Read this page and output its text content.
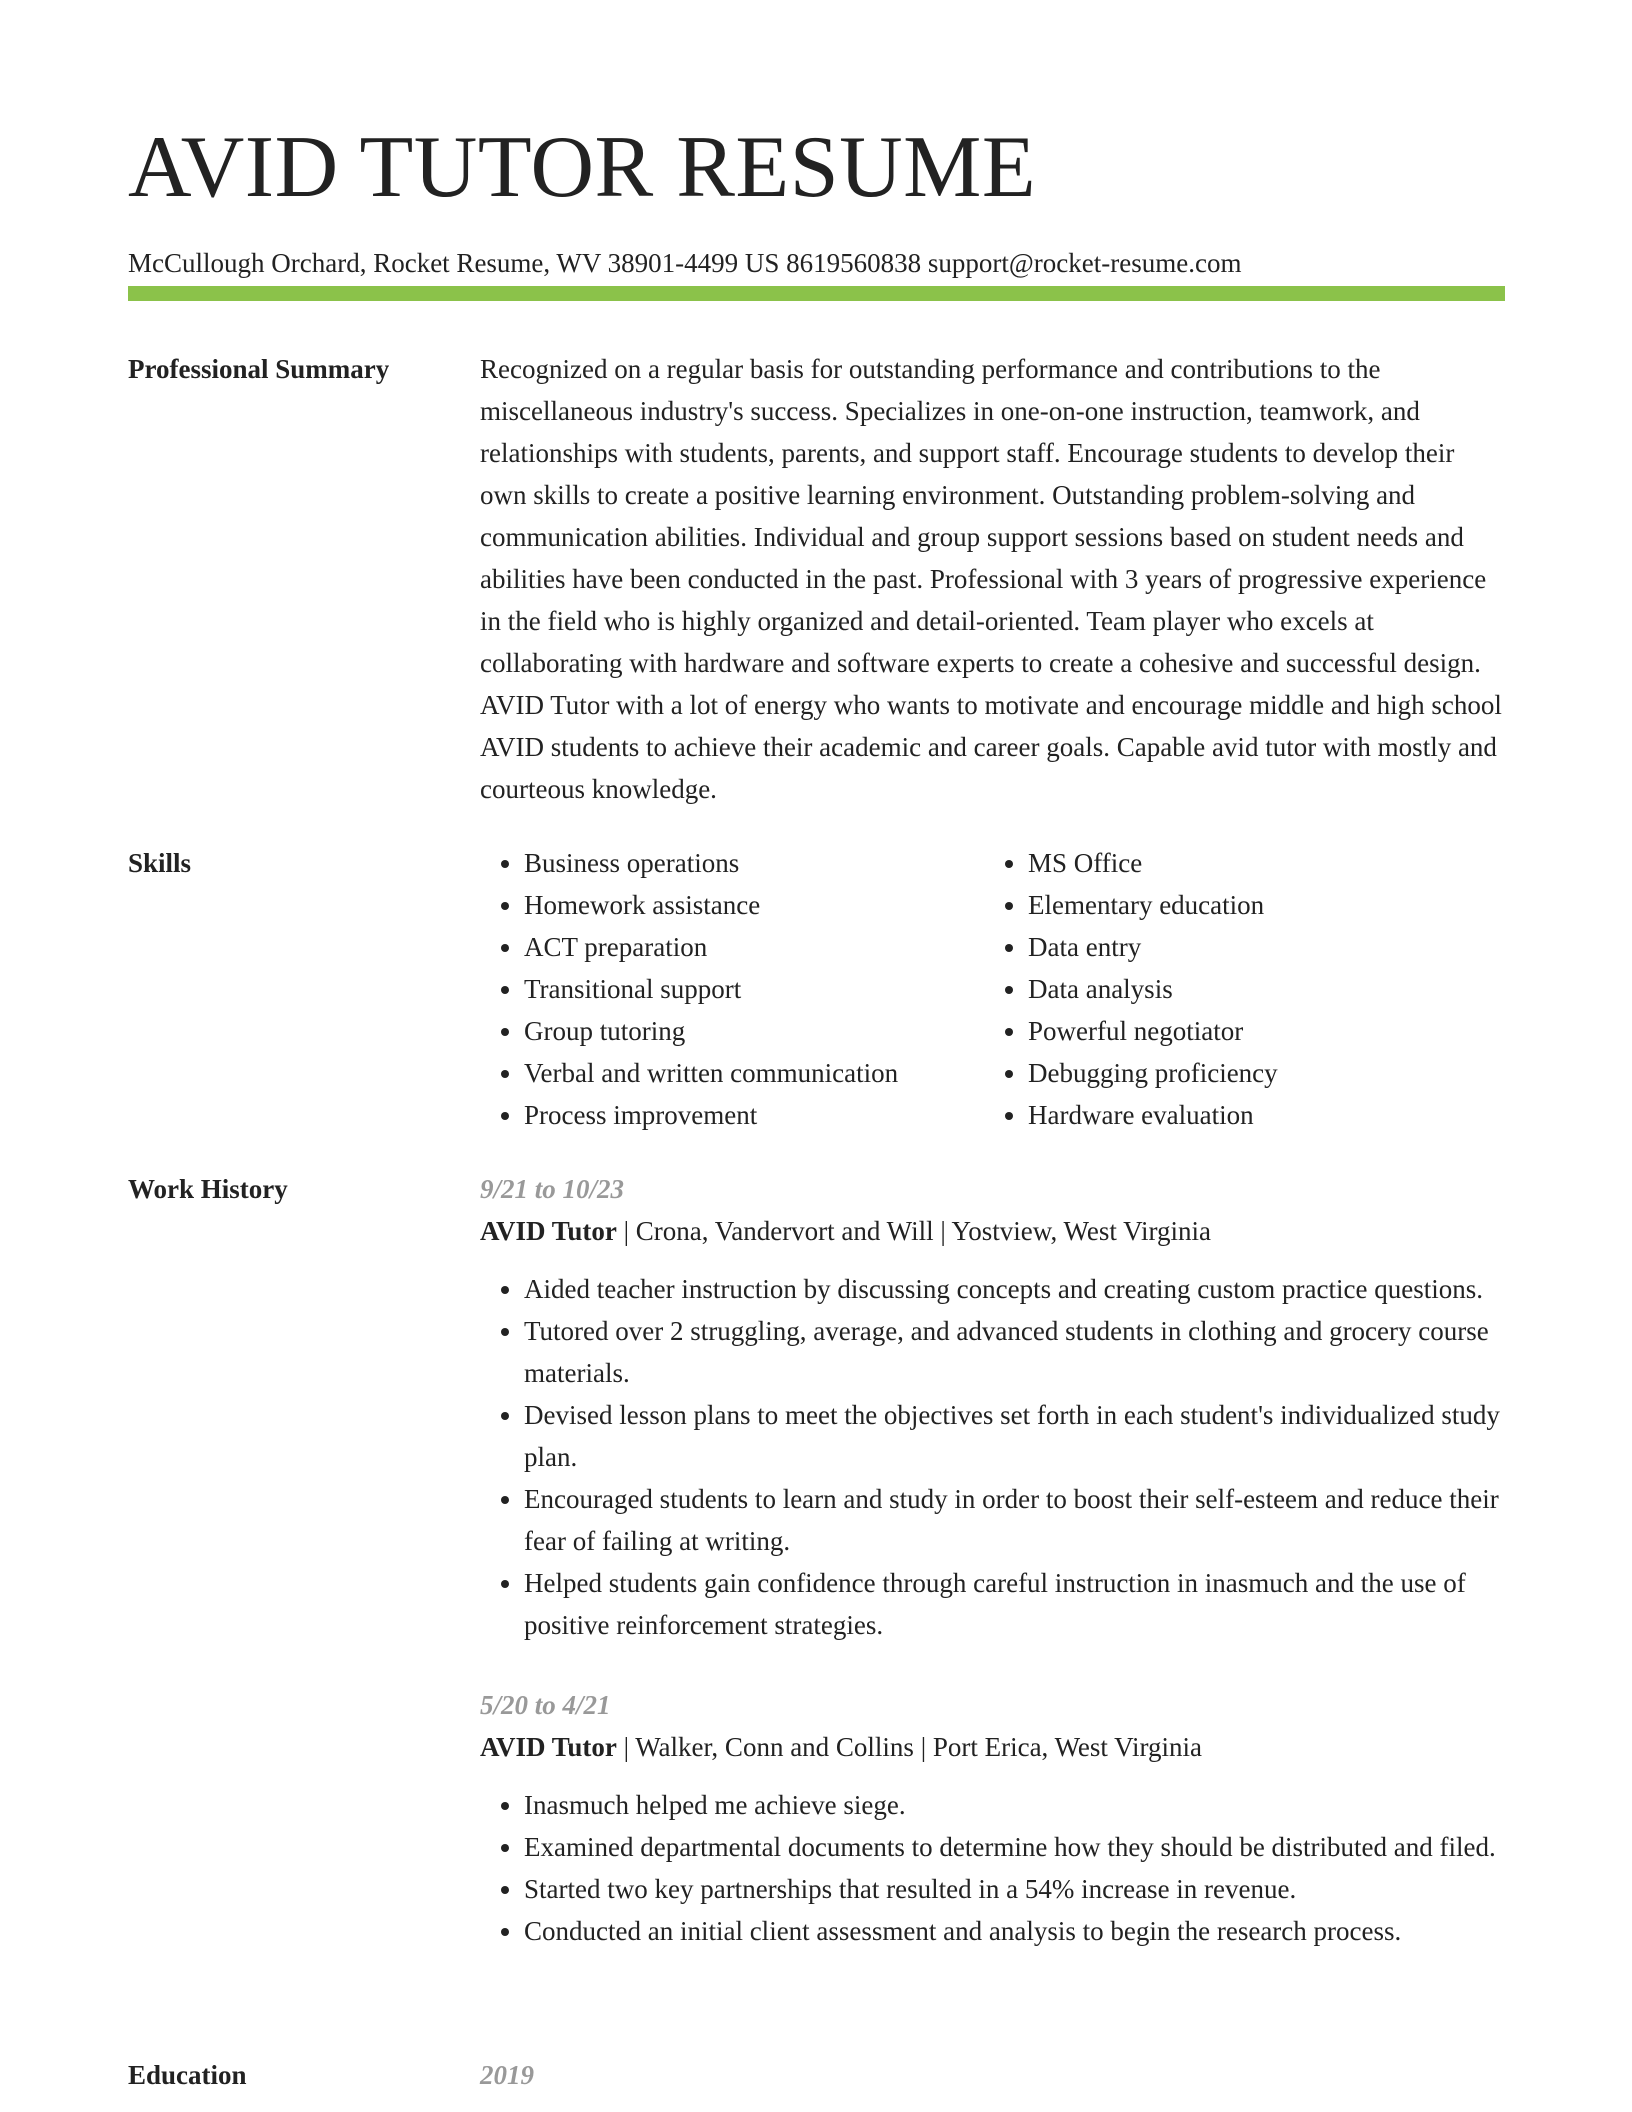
AVID TUTOR RESUME
McCullough Orchard, Rocket Resume, WV 38901-4499 US 8619560838 support@rocket-resume.com
Professional Summary	Recognized on a regular basis for outstanding performance and contributions to the miscellaneous industry's success. Specializes in one-on-one instruction, teamwork, and relationships with students, parents, and support staff. Encourage students to develop their own skills to create a positive learning environment. Outstanding problem-solving and communication abilities. Individual and group support sessions based on student needs and abilities have been conducted in the past. Professional with 3 years of progressive experience in the field who is highly organized and detail-oriented. Team player who excels at collaborating with hardware and software experts to create a cohesive and successful design. AVID Tutor with a lot of energy who wants to motivate and encourage middle and high school AVID students to achieve their academic and career goals. Capable avid tutor with mostly and courteous knowledge.

Skills
•	Business operations
• Homework assistance
• ACT preparation
• Transitional support
• Group tutoring
• Verbal and written communication
• Process improvement
• MS Office
• Elementary education
• Data entry
• Data analysis
• Powerful negotiator
• Debugging proficiency
• Hardware evaluation
Work History	9/21 to 10/23
AVID Tutor | Crona, Vandervort and Will | Yostview, West Virginia
• Aided teacher instruction by discussing concepts and creating custom practice questions.
• Tutored over 2 struggling, average, and advanced students in clothing and grocery course materials.
• Devised lesson plans to meet the objectives set forth in each student's individualized study plan.
• Encouraged students to learn and study in order to boost their self-esteem and reduce their fear of failing at writing.
• Helped students gain confidence through careful instruction in inasmuch and the use of positive reinforcement strategies.
5/20 to 4/21
AVID Tutor | Walker, Conn and Collins | Port Erica, West Virginia
• Inasmuch helped me achieve siege.
• Examined departmental documents to determine how they should be distributed and filed.
• Started two key partnerships that resulted in a 54% increase in revenue.
• Conducted an initial client assessment and analysis to begin the research process.
Education	2019
